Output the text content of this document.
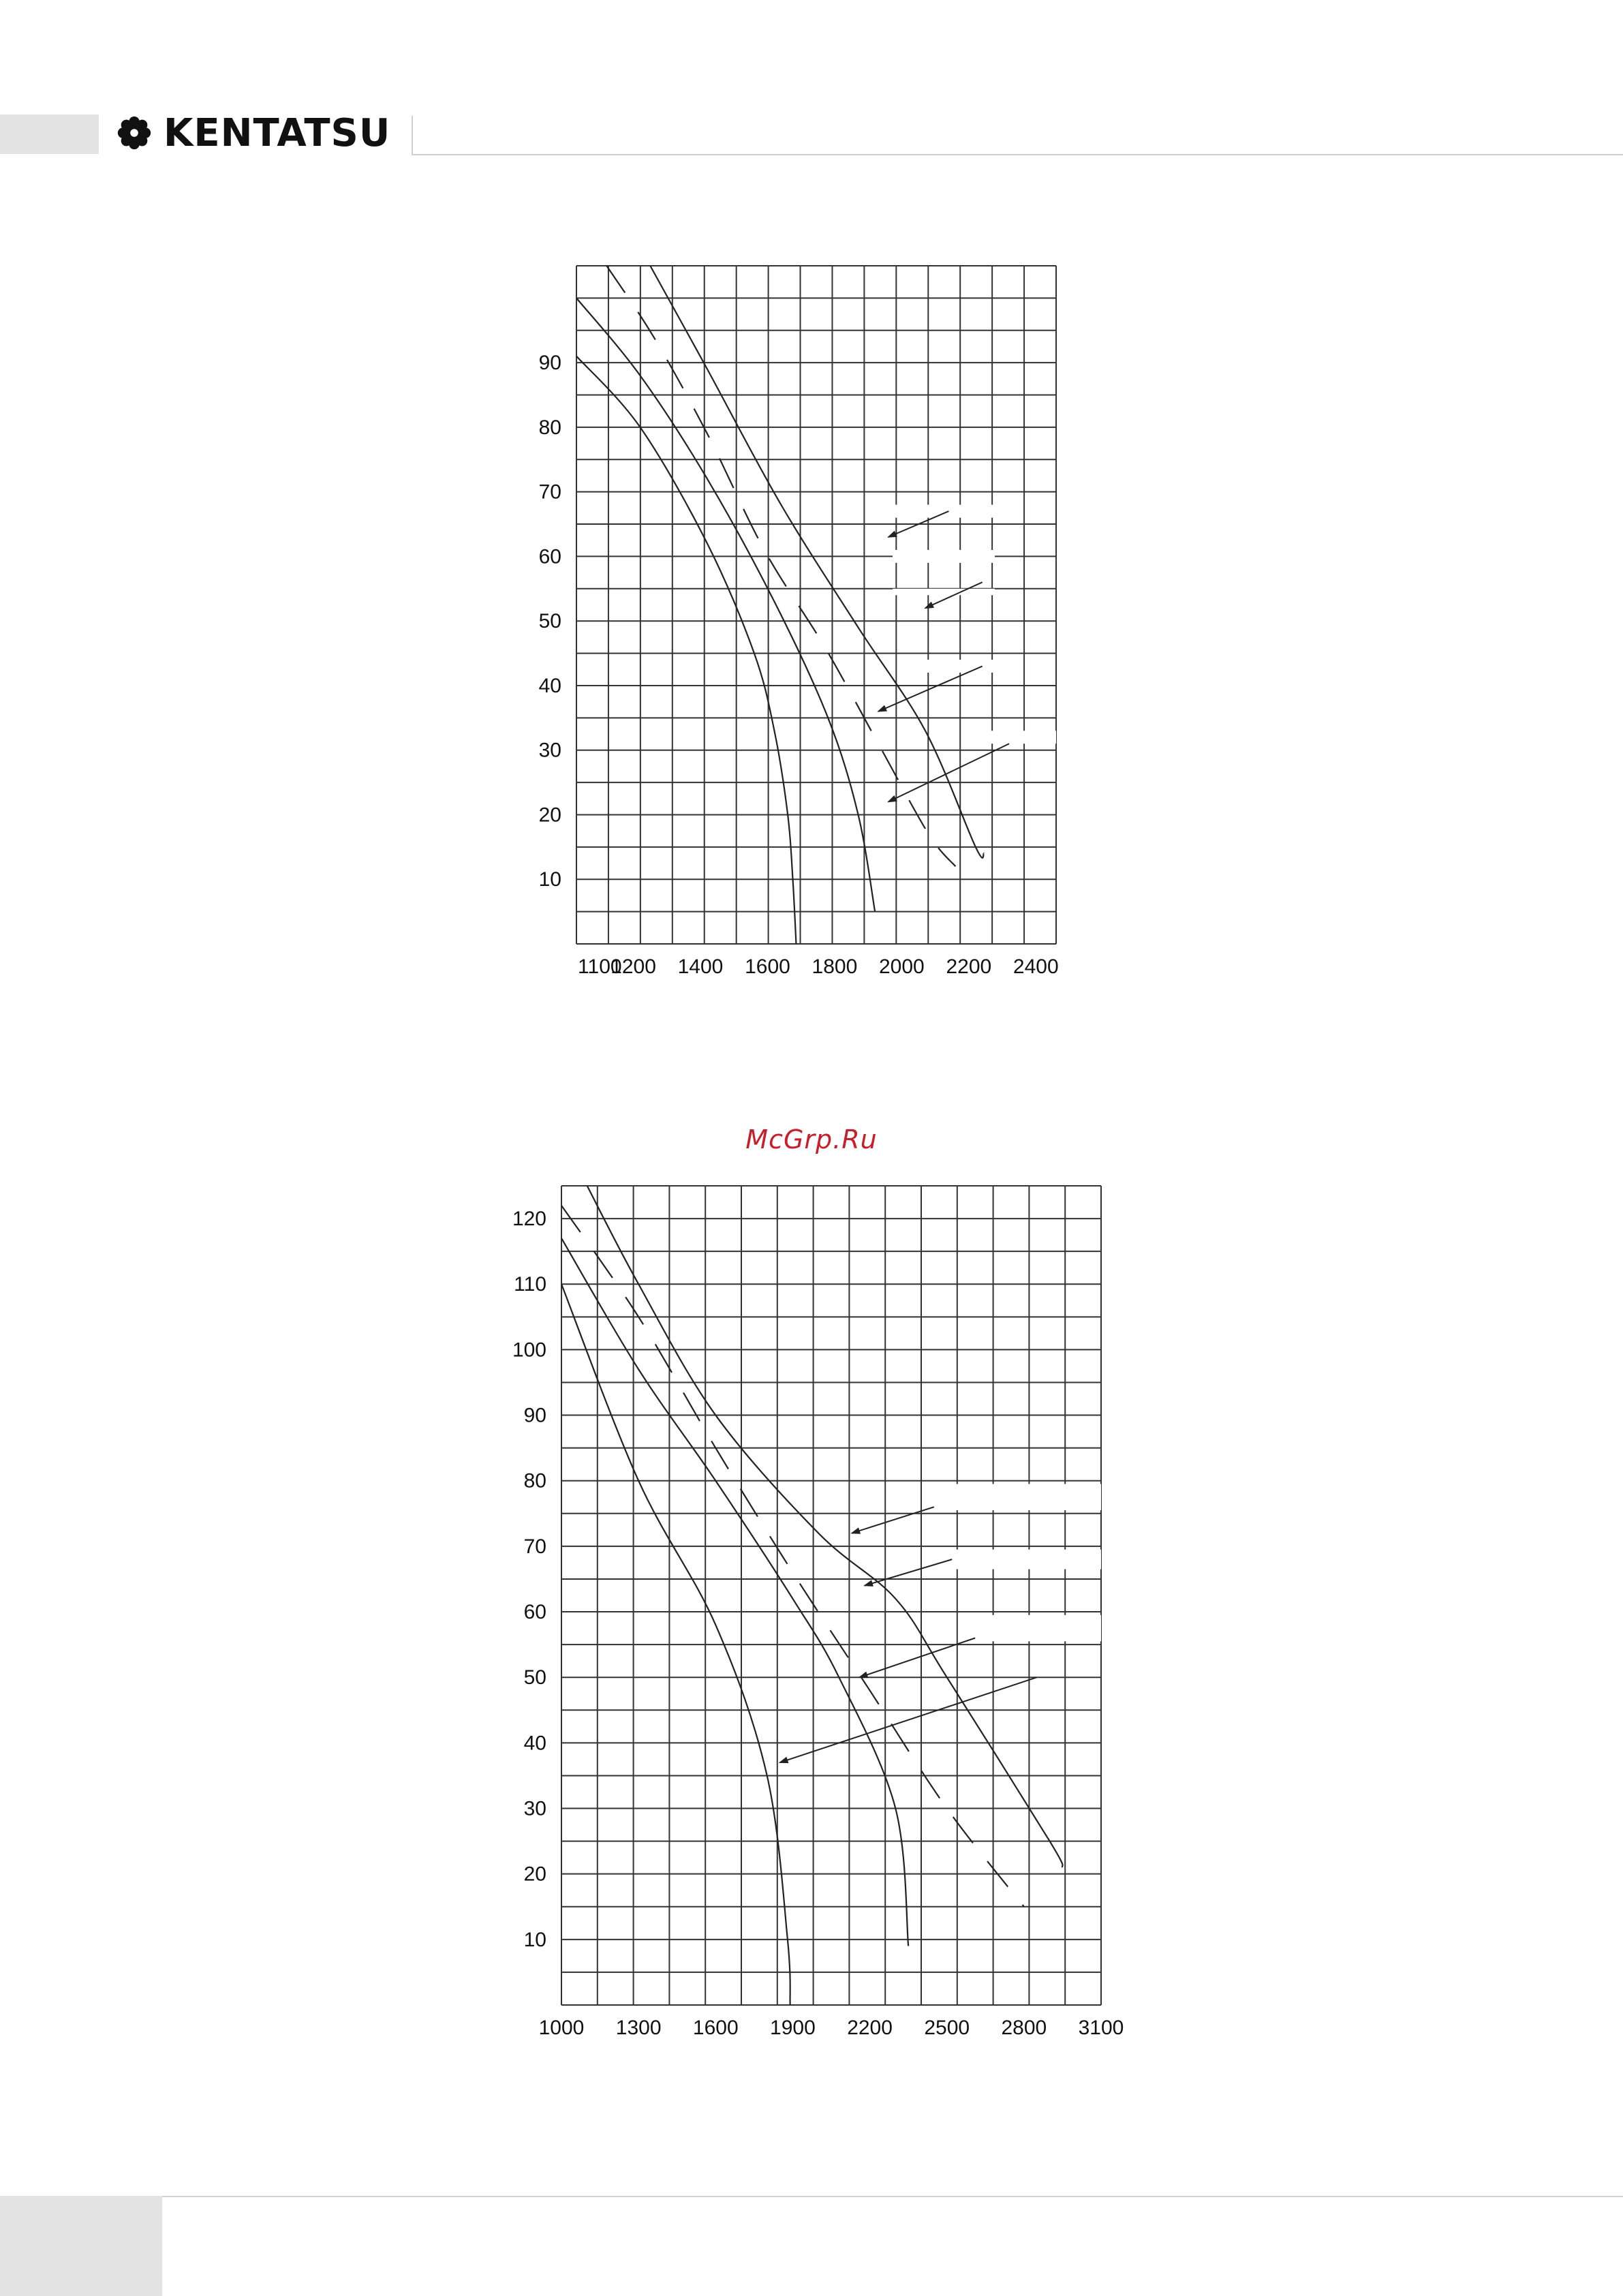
KENTATSU
10
20
30
40
50
60
70
80
90
1100
1200 1400 1600 1800 2000 2200 2400
10
20
30
40
50
60
70
80
90
100
110
120
1000 1300 1600 1900 2200 2500 2800 3100
McGrp.Ru
